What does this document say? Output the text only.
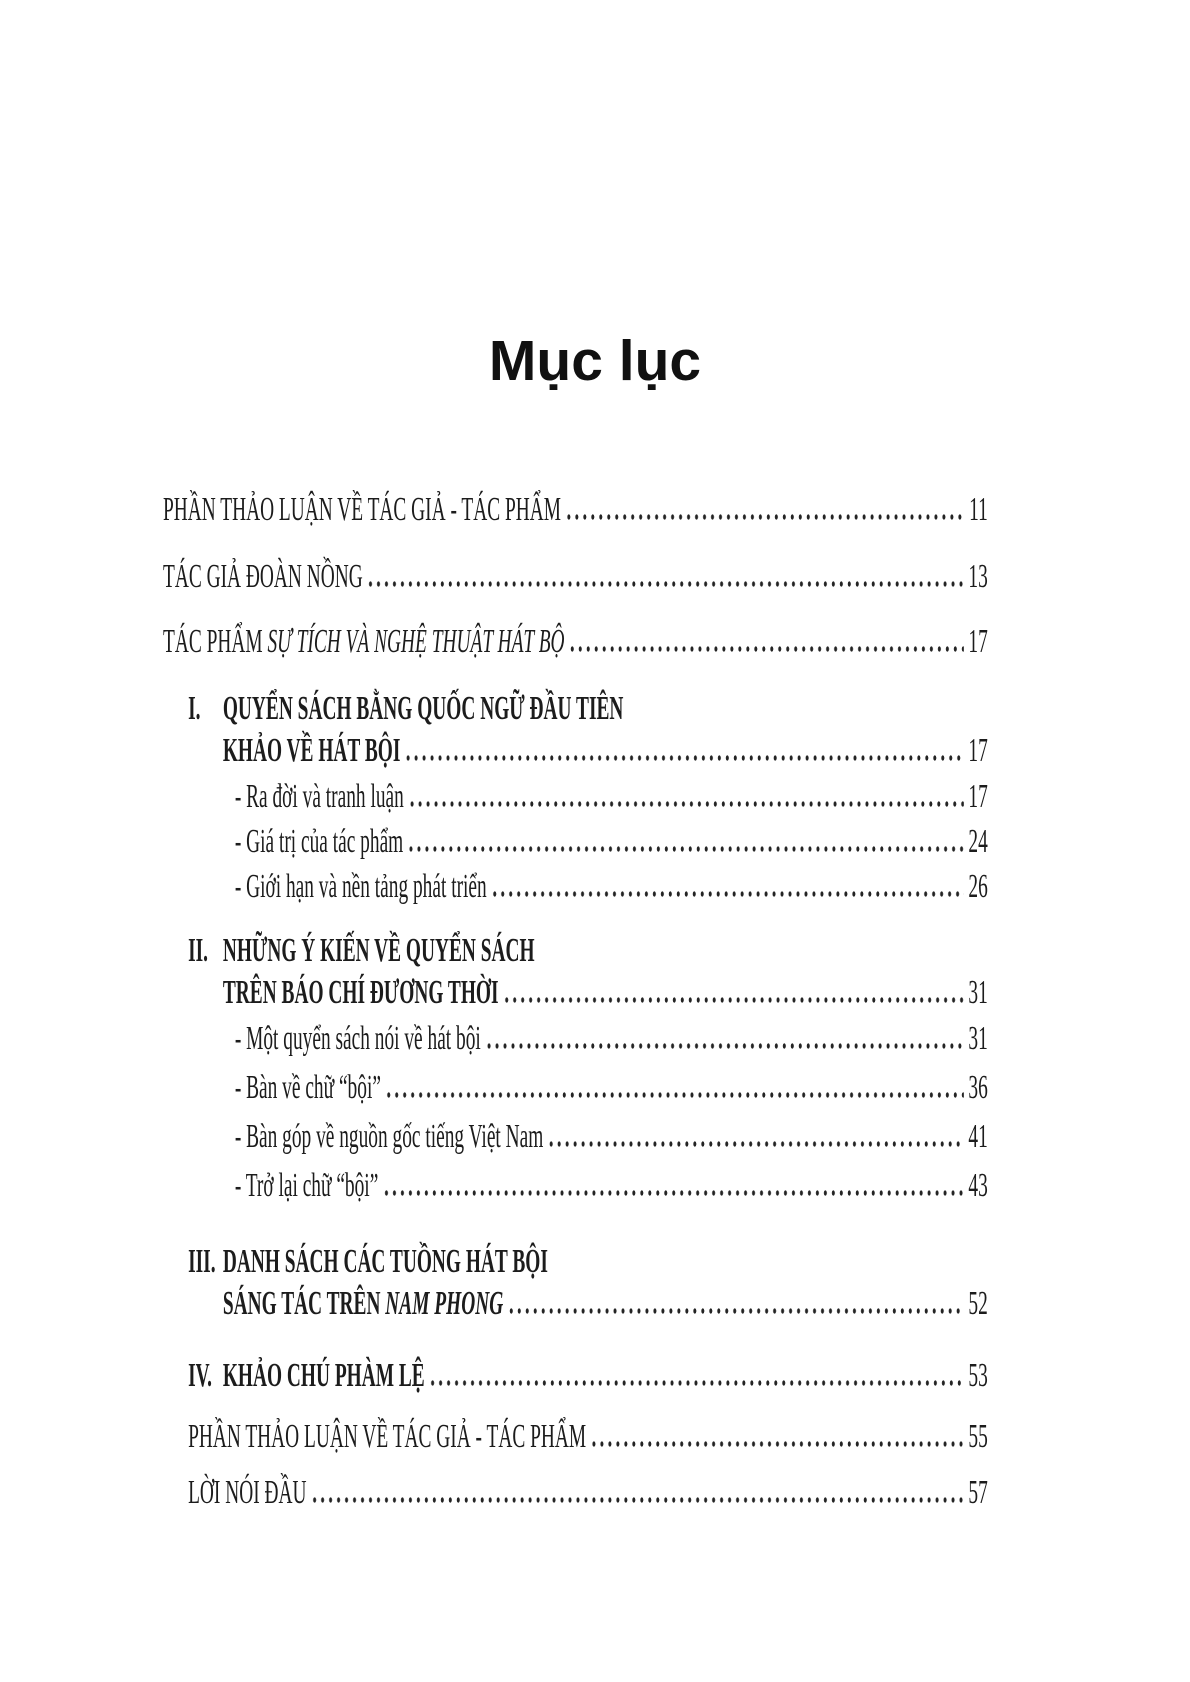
Mục lục
PHẦN THẢO LUẬN VỀ TÁC GIẢ - TÁC PHẨM	11
TÁC GIẢ ĐOÀN NỒNG	13
TÁC PHẨM SỰ TÍCH VÀ NGHỆ THUẬT HÁT BỘ	17
I. QUYỂN SÁCH BẰNG QUỐC NGỮ ĐẦU TIÊN
KHẢO VỀ HÁT BỘI	17
- Ra đời và tranh luận	17
- Giá trị của tác phẩm	24
- Giới hạn và nền tảng phát triển	26
II. NHỮNG Ý KIẾN VỀ QUYỂN SÁCH
TRÊN BÁO CHÍ ĐƯƠNG THỜI	31
- Một quyển sách nói về hát bội	31
- Bàn về chữ “bội”	36
- Bàn góp về nguồn gốc tiếng Việt Nam	41
- Trở lại chữ “bội”	43
III. DANH SÁCH CÁC TUỒNG HÁT BỘI
SÁNG TÁC TRÊN NAM PHONG	52
IV. KHẢO CHÚ PHÀM LỆ	53
PHẦN THẢO LUẬN VỀ TÁC GIẢ - TÁC PHẨM	55
LỜI NÓI ĐẦU	57
